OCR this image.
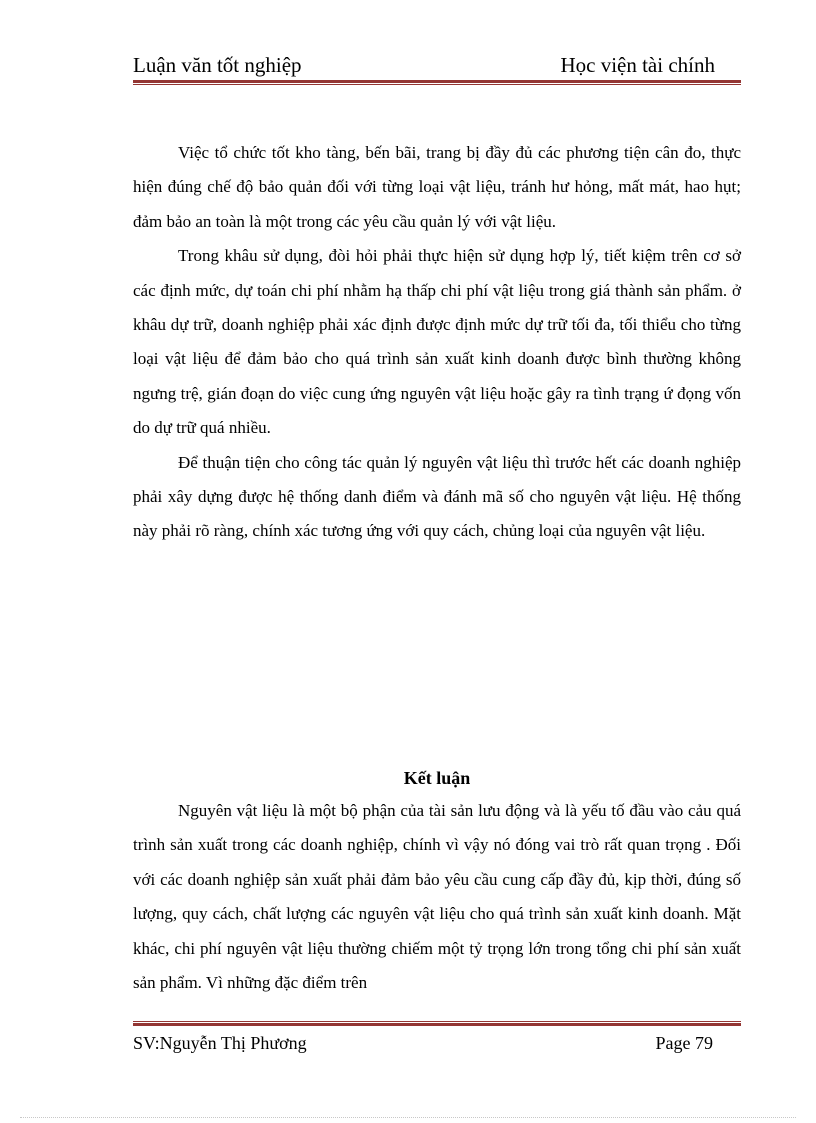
Luận văn tốt nghiệp	Học viện tài chính

Việc tổ chức tốt kho tàng, bến bãi, trang bị đầy đủ các phương tiện cân đo, thực hiện đúng chế độ bảo quản đối với từng loại vật liệu, tránh hư hỏng, mất mát, hao hụt; đảm bảo an toàn là một trong các yêu cầu quản lý với vật liệu.

Trong khâu sử dụng, đòi hỏi phải thực hiện sử dụng hợp lý, tiết kiệm trên cơ sở các định mức, dự toán chi phí nhằm hạ thấp chi phí vật liệu trong giá thành sản phẩm. ở khâu dự trữ, doanh nghiệp phải xác định được định mức dự trữ tối đa, tối thiểu cho từng loại vật liệu để đảm bảo cho quá trình sản xuất kinh doanh được bình thường không ngưng trệ, gián đoạn do việc cung ứng nguyên vật liệu hoặc gây ra tình trạng ứ đọng vốn do dự trữ quá nhiều.

Để thuận tiện cho công tác quản lý nguyên vật liệu thì trước hết các doanh nghiệp phải xây dựng được hệ thống danh điểm và đánh mã số cho nguyên vật liệu. Hệ thống này phải rõ ràng, chính xác tương ứng với quy cách, chủng loại của nguyên vật liệu.

Kết luận

Nguyên vật liệu là một bộ phận của tài sản lưu động và là yếu tố đầu vào cảu quá trình sản xuất trong các doanh nghiệp, chính vì vậy nó đóng vai trò rất quan trọng . Đối với các doanh nghiệp sản xuất phải đảm bảo yêu cầu cung cấp đầy đủ, kịp thời, đúng số lượng, quy cách, chất lượng các nguyên vật liệu cho quá trình sản xuất kinh doanh. Mặt khác, chi phí nguyên vật liệu thường chiếm một tỷ trọng lớn trong tổng chi phí sản xuất sản phẩm. Vì những đặc điểm trên

SV:Nguyễn Thị Phương	Page 79
